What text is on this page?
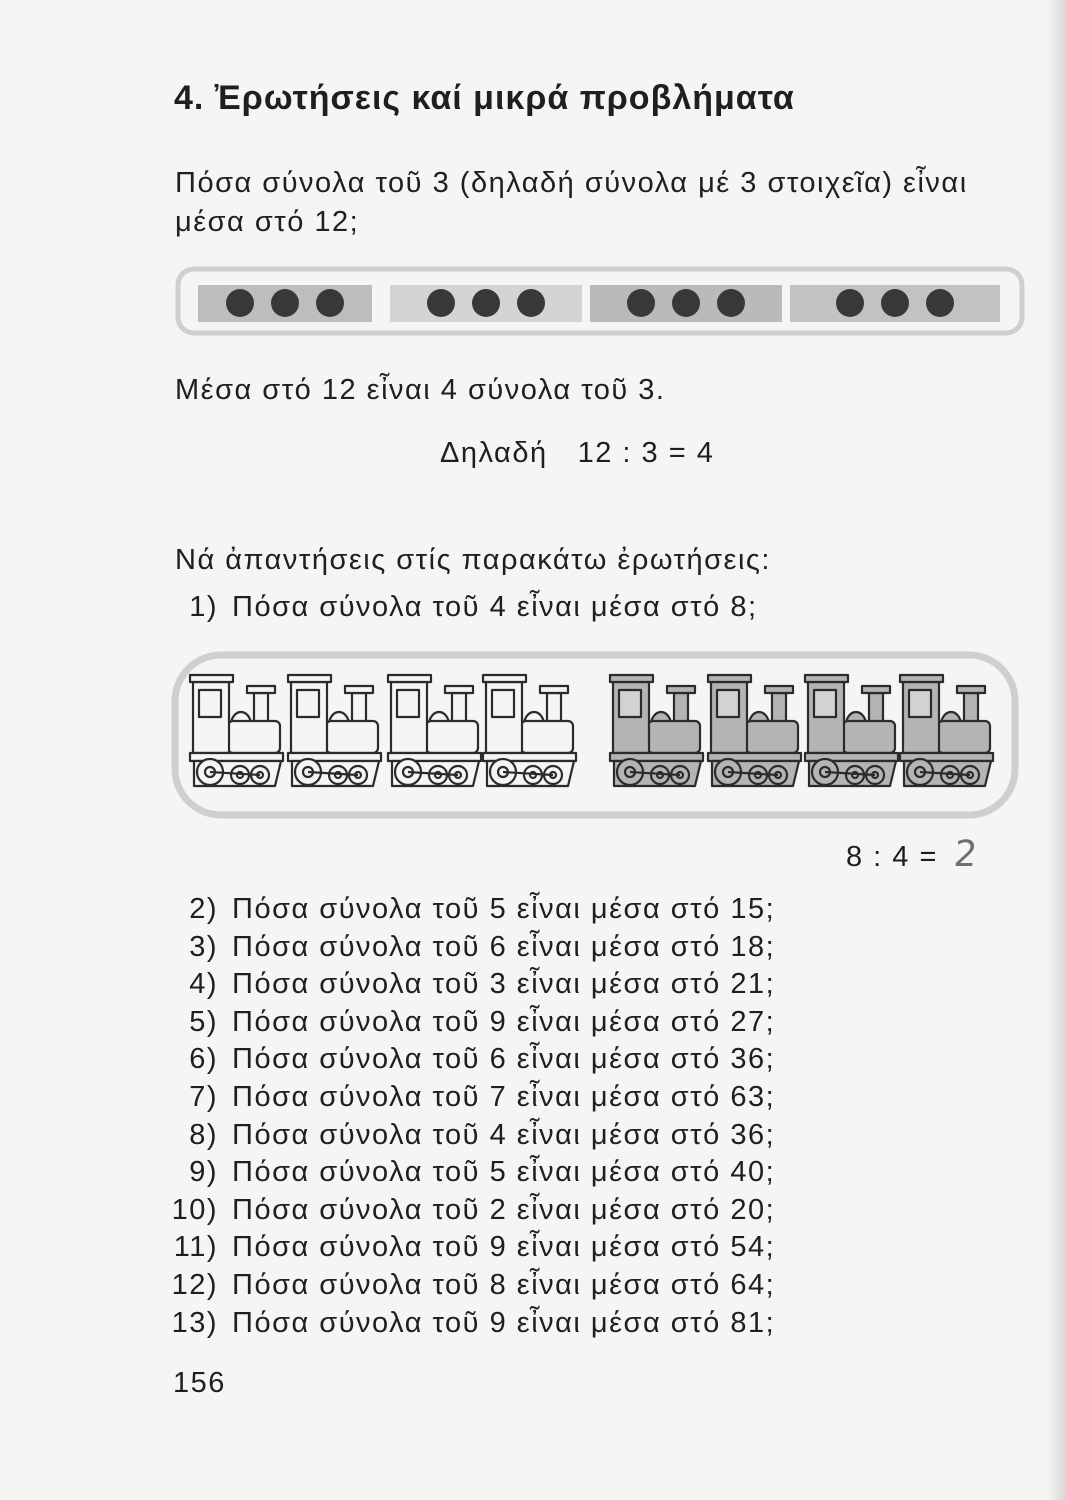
4. Ἐρωτήσεις καί μικρά προβλήματα
Πόσα σύνολα τοῦ 3 (δηλαδή σύνολα μέ 3 στοιχεῖα) εἶναι
μέσα στό 12;
Μέσα στό 12 εἶναι 4 σύνολα τοῦ 3.
Δηλαδή 12 : 3 = 4
Νά ἀπαντήσεις στίς παρακάτω ἐρωτήσεις:
1) Πόσα σύνολα τοῦ 4 εἶναι μέσα στό 8;
8 : 4 = 2
2) Πόσα σύνολα τοῦ 5 εἶναι μέσα στό 15;
3) Πόσα σύνολα τοῦ 6 εἶναι μέσα στό 18;
4) Πόσα σύνολα τοῦ 3 εἶναι μέσα στό 21;
5) Πόσα σύνολα τοῦ 9 εἶναι μέσα στό 27;
6) Πόσα σύνολα τοῦ 6 εἶναι μέσα στό 36;
7) Πόσα σύνολα τοῦ 7 εἶναι μέσα στό 63;
8) Πόσα σύνολα τοῦ 4 εἶναι μέσα στό 36;
9) Πόσα σύνολα τοῦ 5 εἶναι μέσα στό 40;
10) Πόσα σύνολα τοῦ 2 εἶναι μέσα στό 20;
11) Πόσα σύνολα τοῦ 9 εἶναι μέσα στό 54;
12) Πόσα σύνολα τοῦ 8 εἶναι μέσα στό 64;
13) Πόσα σύνολα τοῦ 9 εἶναι μέσα στό 81;
156
